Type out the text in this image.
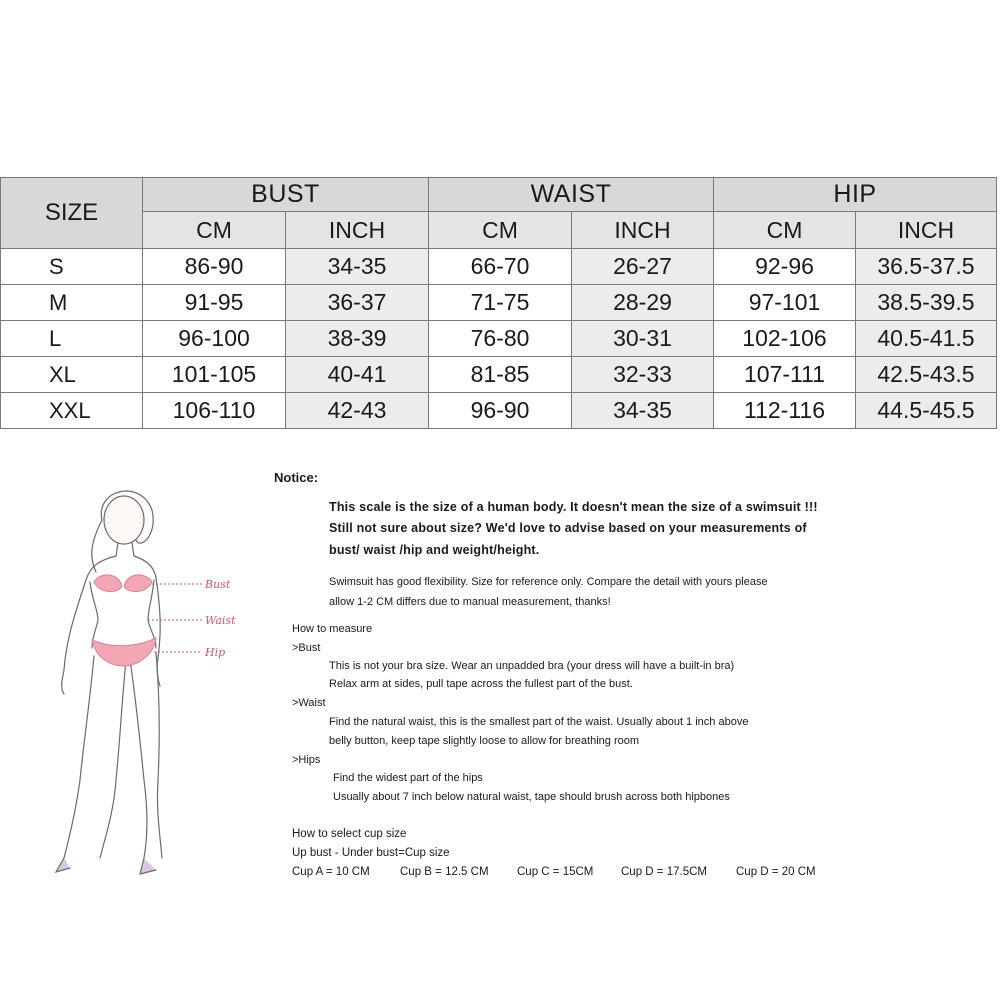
SIZE	BUST		WAIST		HIP	
	CM	INCH	CM	INCH	CM	INCH
S	86-90	34-35	66-70	26-27	92-96	36.5-37.5
M	91-95	36-37	71-75	28-29	97-101	38.5-39.5
L	96-100	38-39	76-80	30-31	102-106	40.5-41.5
XL	101-105	40-41	81-85	32-33	107-111	42.5-43.5
XXL	106-110	42-43	96-90	34-35	112-116	44.5-45.5
Bust
Waist
Hip
Notice:
This scale is the size of a human body. It doesn't mean the size of a swimsuit !!!
Still not sure about size? We'd love to advise based on your measurements of
bust/ waist /hip and weight/height.
Swimsuit has good flexibility. Size for reference only. Compare the detail with yours please
allow 1-2 CM differs due to manual measurement, thanks!
How to measure
>Bust
This is not your bra size. Wear an unpadded bra (your dress will have a built-in bra)
Relax arm at sides, pull tape across the fullest part of the bust.
>Waist
Find the natural waist, this is the smallest part of the waist. Usually about 1 inch above
belly button, keep tape slightly loose to allow for breathing room
>Hips
Find the widest part of the hips
Usually about 7 inch below natural waist, tape should brush across both hipbones
How to select cup size
Up bust - Under bust=Cup size
Cup A = 10 CM	Cup B = 12.5 CM Cup C = 15CM Cup D = 17.5CM	Cup D = 20 CM
